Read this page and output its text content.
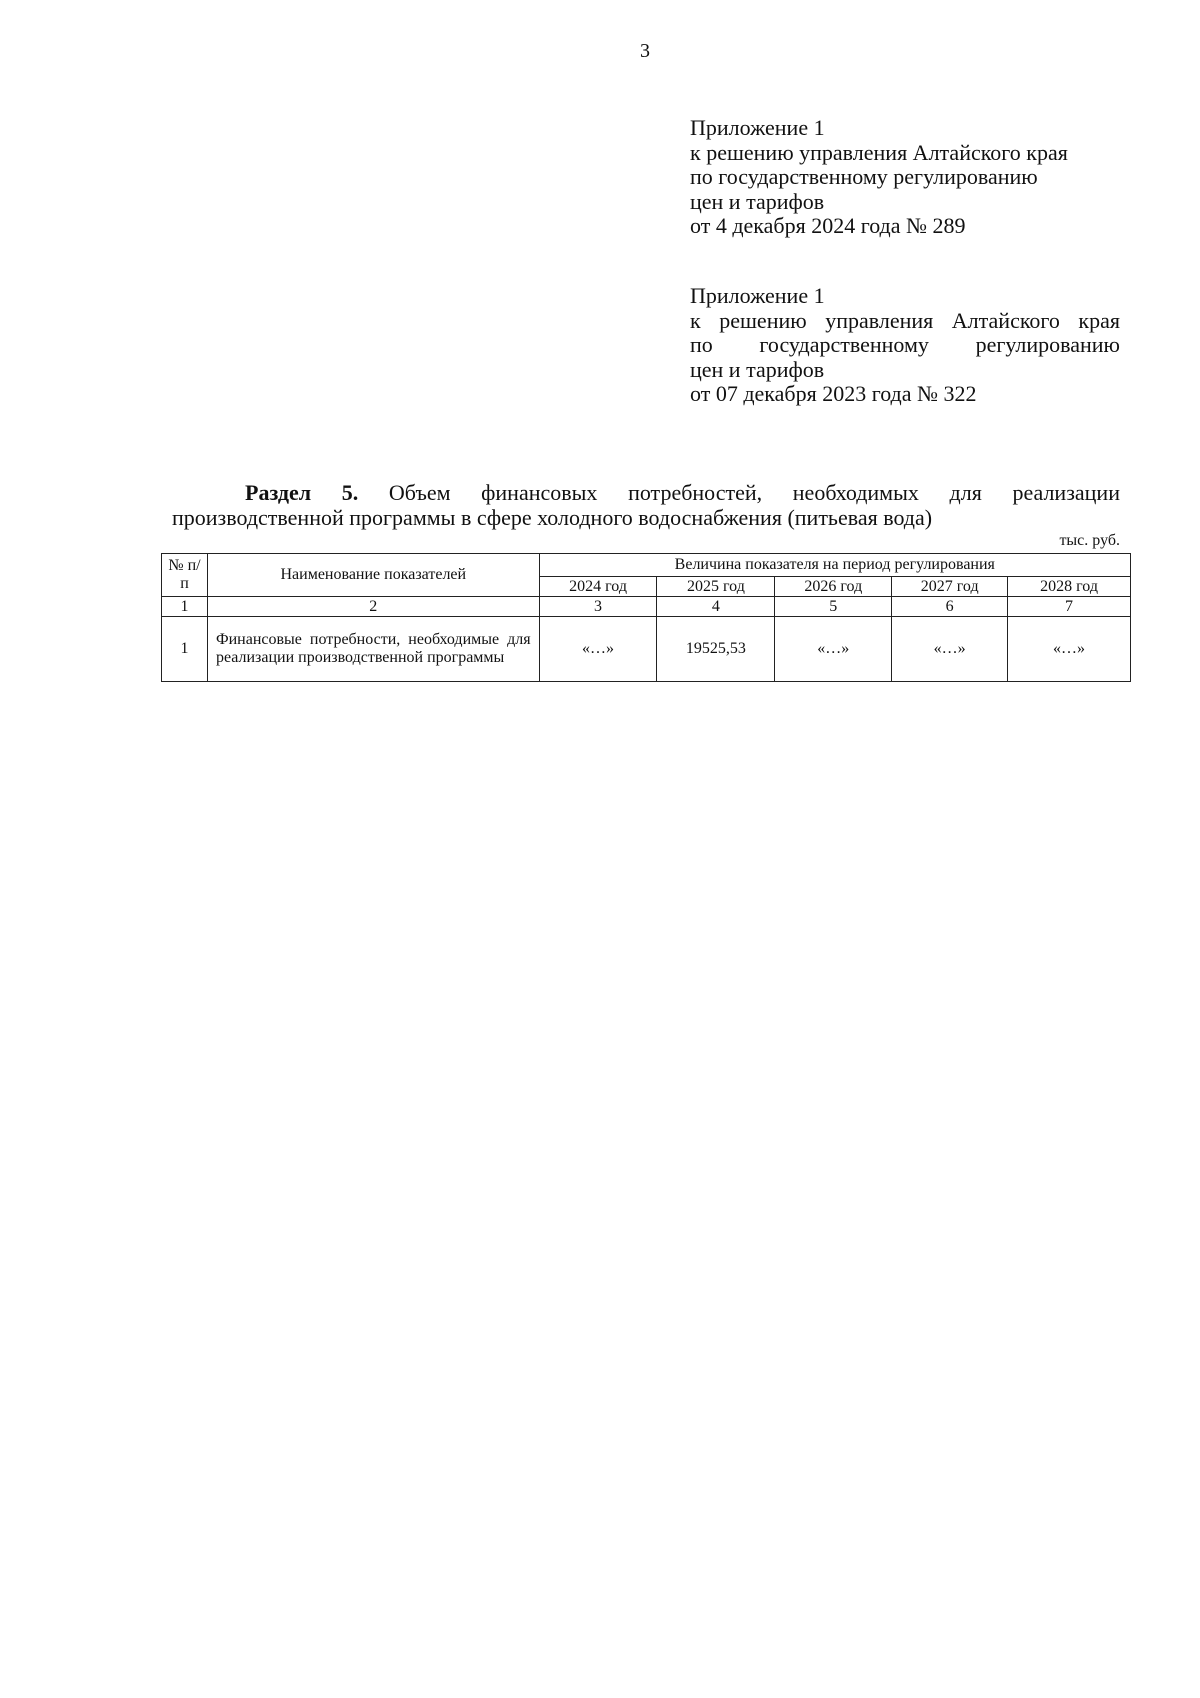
3
Приложение 1
к решению управления Алтайского края
по государственному регулированию
цен и тарифов
от 4 декабря 2024 года № 289
Приложение 1
к решению управления Алтайского края
по государственному регулированию
цен и тарифов
от 07 декабря 2023 года № 322
Раздел 5. Объем финансовых потребностей, необходимых для реализации
производственной программы в сфере холодного водоснабжения (питьевая вода)
тыс. руб.
№ п/п	Наименование показателей	Величина показателя на период регулирования				
		2024 год	2025 год	2026 год	2027 год	2028 год
1	2	3	4	5	6	7
1	Финансовые потребности, необходимые для реализации производственной программы	«…»	19525,53	«…»	«…»	«…»
